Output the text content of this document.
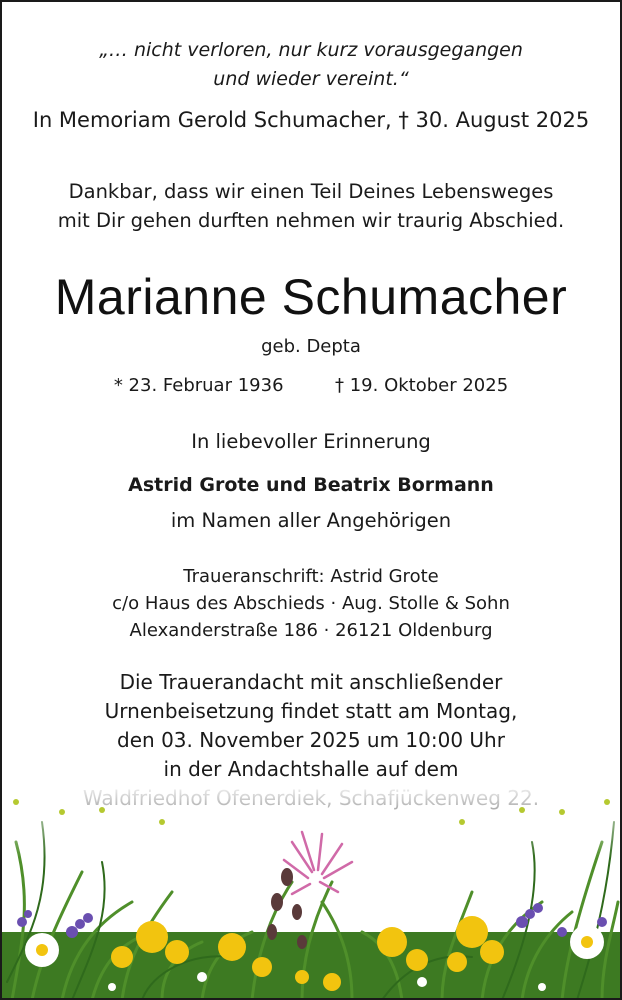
„… nicht verloren, nur kurz vorausgegangen
und wieder vereint.“
In Memoriam Gerold Schumacher, † 30. August 2025
Dankbar, dass wir einen Teil Deines Lebensweges
mit Dir gehen durften nehmen wir traurig Abschied.
Marianne Schumacher
geb. Depta
* 23. Februar 1936	† 19. Oktober 2025
In liebevoller Erinnerung
Astrid Grote und Beatrix Bormann
im Namen aller Angehörigen
Traueranschrift: Astrid Grote
c/o Haus des Abschieds · Aug. Stolle & Sohn
Alexanderstraße 186 · 26121 Oldenburg
Die Trauerandacht mit anschließender
Urnenbeisetzung findet statt am Montag,
den 03. November 2025 um 10:00 Uhr
in der Andachtshalle auf dem
